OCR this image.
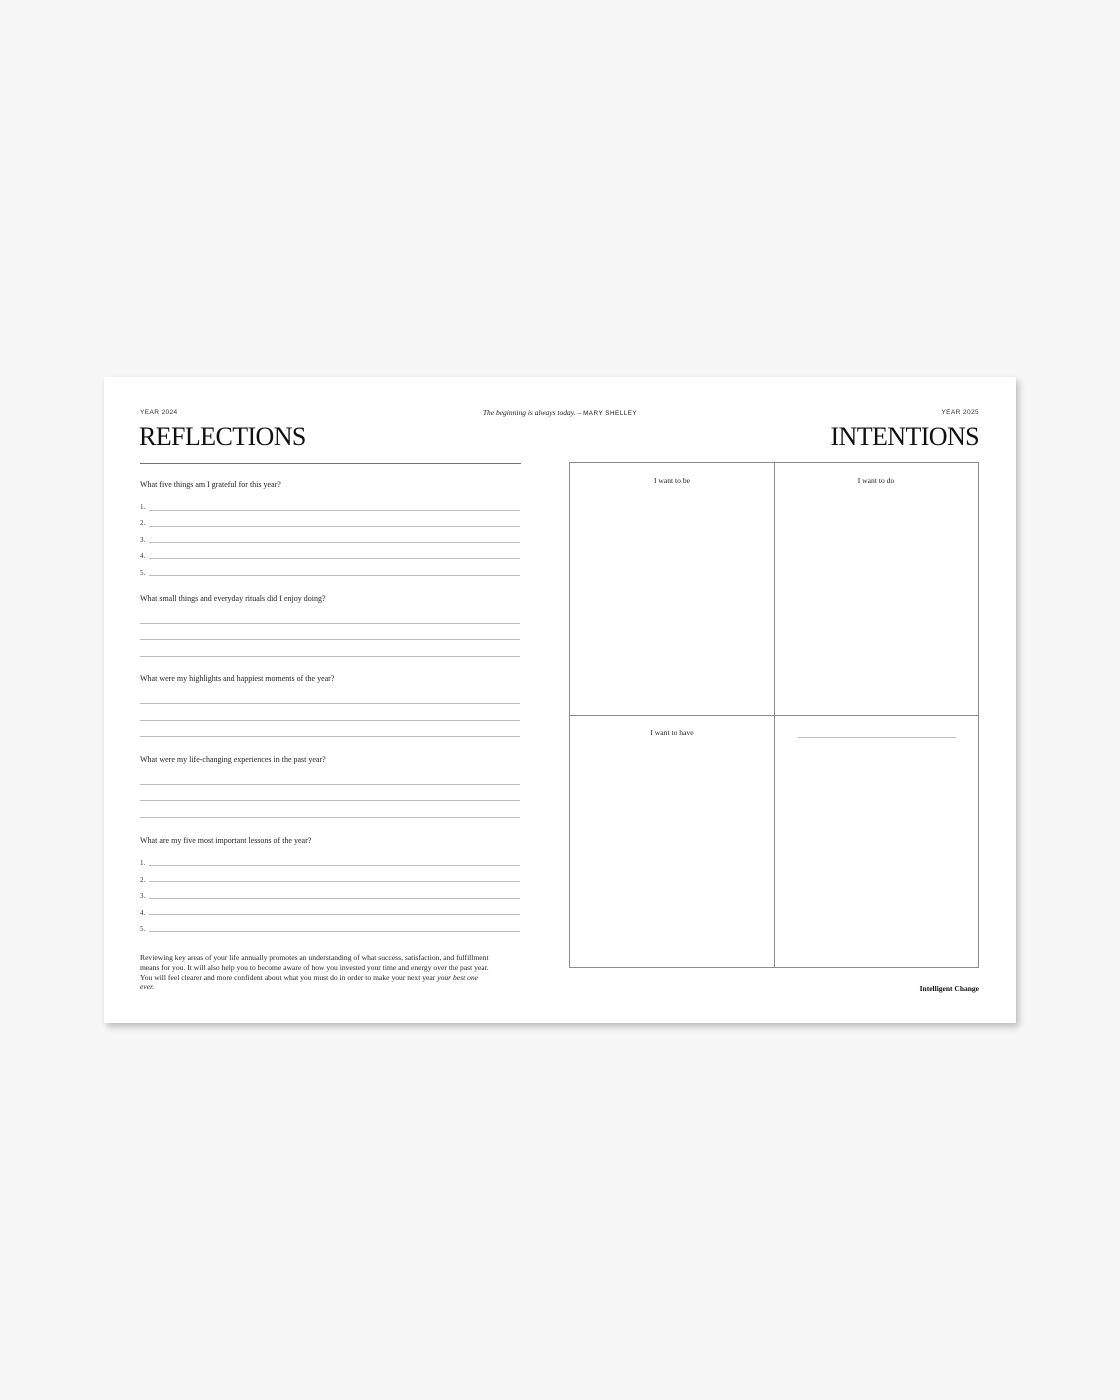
YEAR 2024	The beginning is always today. – MARY SHELLEY	YEAR 2025
REFLECTIONS	INTENTIONS
What five things am I grateful for this year?
1.
2.
3.
4.
5.
What small things and everyday rituals did I enjoy doing?
What were my highlights and happiest moments of the year?
What were my life-changing experiences in the past year?
What are my five most important lessons of the year?
1.
2.
3.
4.
5.
Reviewing key areas of your life annually promotes an understanding of what success, satisfaction, and fulfillment means for you. It will also help you to become aware of how you invested your time and energy over the past year. You will feel clearer and more confident about what you must do in order to make your next year your best one ever.
I want to be	I want to do
I want to have
Intelligent Change
